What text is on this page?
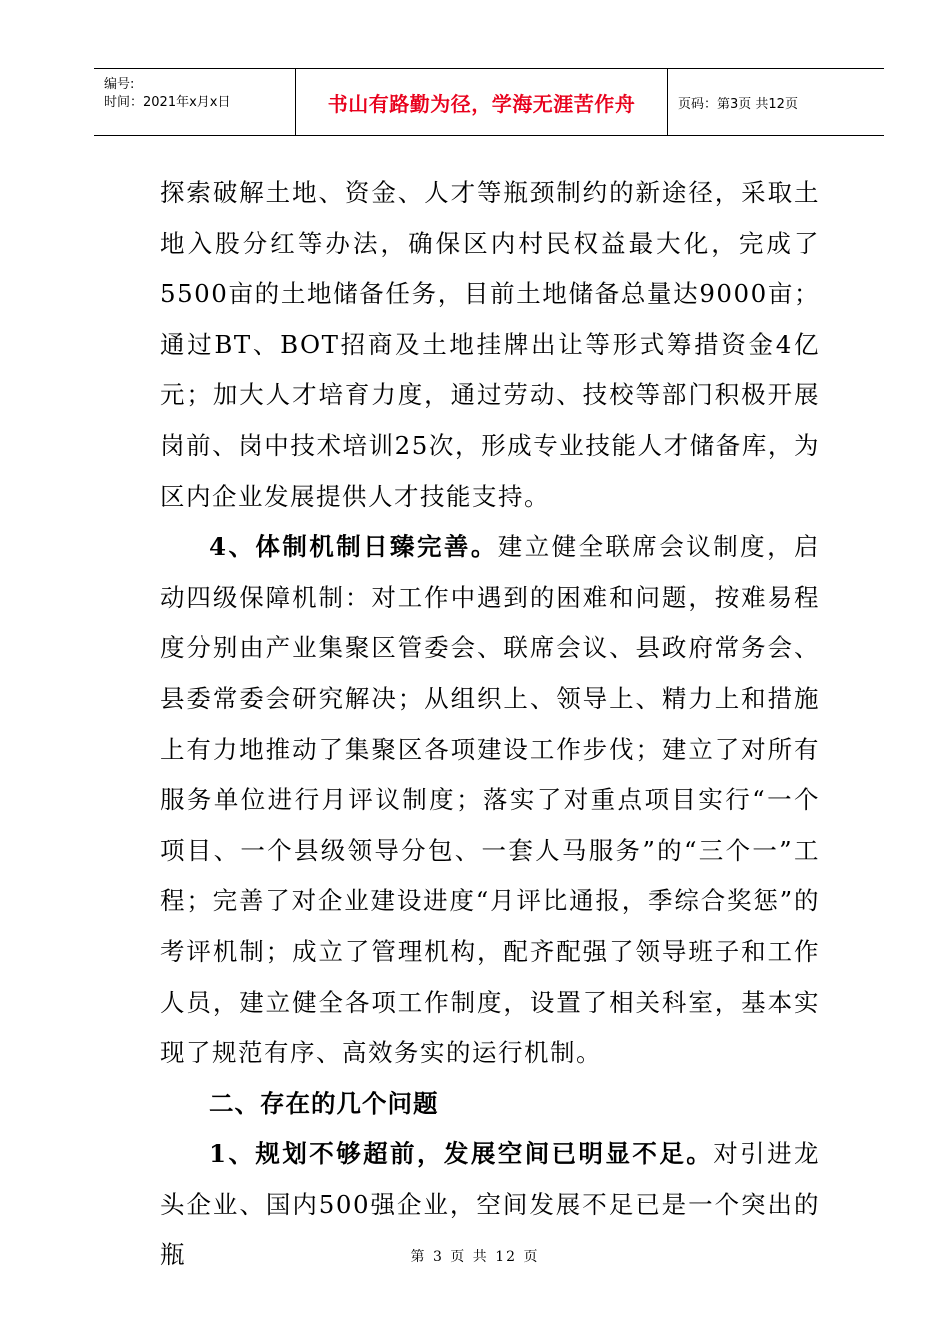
编号:
时间：2021年x月x日	书山有路勤为径，学海无涯苦作舟	页码：第3页 共12页

探索破解土地、资金、人才等瓶颈制约的新途径，采取土地入股分红等办法，确保区内村民权益最大化，完成了5500亩的土地储备任务，目前土地储备总量达9000亩；通过BT、BOT招商及土地挂牌出让等形式筹措资金4亿元；加大人才培育力度，通过劳动、技校等部门积极开展岗前、岗中技术培训25次，形成专业技能人才储备库，为区内企业发展提供人才技能支持。

4、体制机制日臻完善。建立健全联席会议制度，启动四级保障机制：对工作中遇到的困难和问题，按难易程度分别由产业集聚区管委会、联席会议、县政府常务会、县委常委会研究解决；从组织上、领导上、精力上和措施上有力地推动了集聚区各项建设工作步伐；建立了对所有服务单位进行月评议制度；落实了对重点项目实行“一个项目、一个县级领导分包、一套人马服务”的“三个一”工程；完善了对企业建设进度“月评比通报，季综合奖惩”的考评机制；成立了管理机构，配齐配强了领导班子和工作人员，建立健全各项工作制度，设置了相关科室，基本实现了规范有序、高效务实的运行机制。

二、存在的几个问题

1、规划不够超前，发展空间已明显不足。对引进龙头企业、国内500强企业，空间发展不足已是一个突出的瓶	第 3 页 共 12 页
